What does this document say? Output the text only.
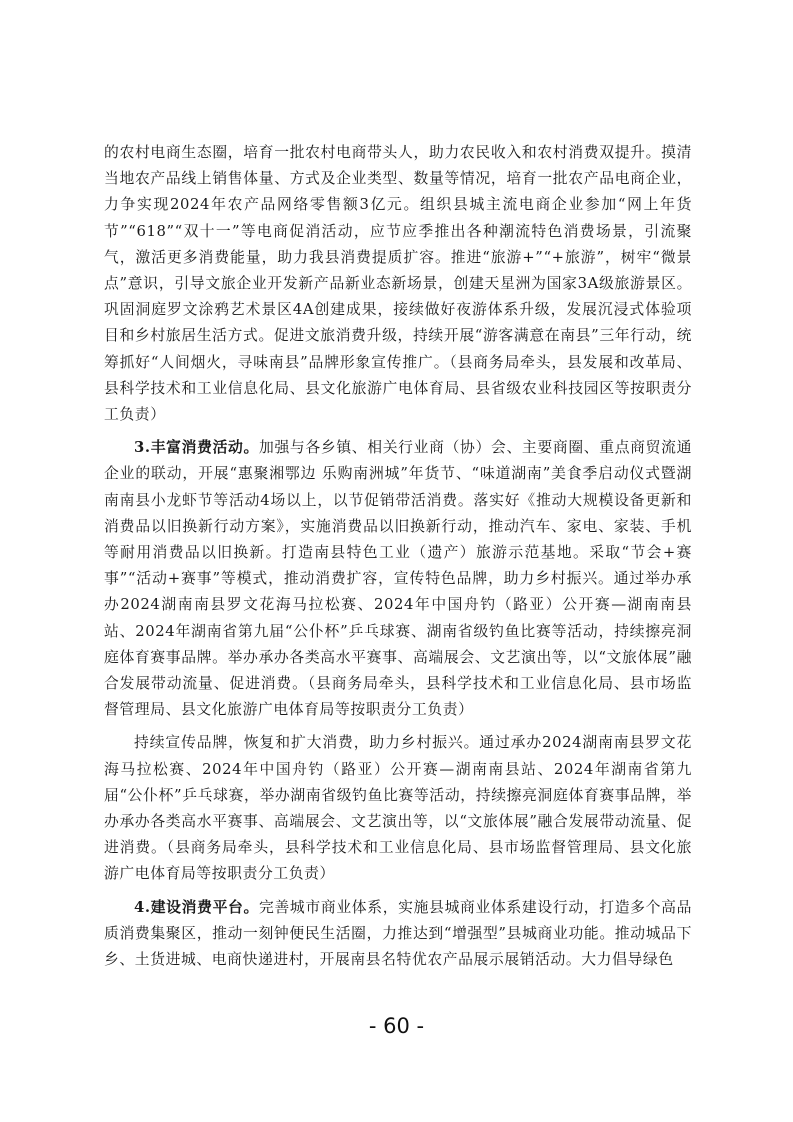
的农村电商生态圈，培育一批农村电商带头人，助力农民收入和农村消费双提升。摸清当地农产品线上销售体量、方式及企业类型、数量等情况，培育一批农产品电商企业，力争实现2024年农产品网络零售额3亿元。组织县城主流电商企业参加“网上年货节”“618”“双十一”等电商促消活动，应节应季推出各种潮流特色消费场景，引流聚气，激活更多消费能量，助力我县消费提质扩容。推进“旅游+”“+旅游”，树牢“微景点”意识，引导文旅企业开发新产品新业态新场景，创建天星洲为国家3A级旅游景区。巩固洞庭罗文涂鸦艺术景区4A创建成果，接续做好夜游体系升级，发展沉浸式体验项目和乡村旅居生活方式。促进文旅消费升级，持续开展“游客满意在南县”三年行动，统筹抓好“人间烟火，寻味南县”品牌形象宣传推广。（县商务局牵头，县发展和改革局、县科学技术和工业信息化局、县文化旅游广电体育局、县省级农业科技园区等按职责分工负责）

3.丰富消费活动。加强与各乡镇、相关行业商（协）会、主要商圈、重点商贸流通企业的联动，开展“惠聚湘鄂边 乐购南洲城”年货节、“味道湖南”美食季启动仪式暨湖南南县小龙虾节等活动4场以上，以节促销带活消费。落实好《推动大规模设备更新和消费品以旧换新行动方案》，实施消费品以旧换新行动，推动汽车、家电、家装、手机等耐用消费品以旧换新。打造南县特色工业（遗产）旅游示范基地。采取“节会+赛事”“活动+赛事”等模式，推动消费扩容，宣传特色品牌，助力乡村振兴。通过举办承办2024湖南南县罗文花海马拉松赛、2024年中国舟钓（路亚）公开赛—湖南南县站、2024年湖南省第九届“公仆杯”乒乓球赛、湖南省级钓鱼比赛等活动，持续擦亮洞庭体育赛事品牌。举办承办各类高水平赛事、高端展会、文艺演出等，以“文旅体展”融合发展带动流量、促进消费。（县商务局牵头，县科学技术和工业信息化局、县市场监督管理局、县文化旅游广电体育局等按职责分工负责）

持续宣传品牌，恢复和扩大消费，助力乡村振兴。通过承办2024湖南南县罗文花海马拉松赛、2024年中国舟钓（路亚）公开赛—湖南南县站、2024年湖南省第九届“公仆杯”乒乓球赛，举办湖南省级钓鱼比赛等活动，持续擦亮洞庭体育赛事品牌，举办承办各类高水平赛事、高端展会、文艺演出等，以“文旅体展”融合发展带动流量、促进消费。（县商务局牵头，县科学技术和工业信息化局、县市场监督管理局、县文化旅游广电体育局等按职责分工负责）

4.建设消费平台。完善城市商业体系，实施县城商业体系建设行动，打造多个高品质消费集聚区，推动一刻钟便民生活圈，力推达到“增强型”县城商业功能。推动城品下乡、土货进城、电商快递进村，开展南县名特优农产品展示展销活动。大力倡导绿色

- 60 -
